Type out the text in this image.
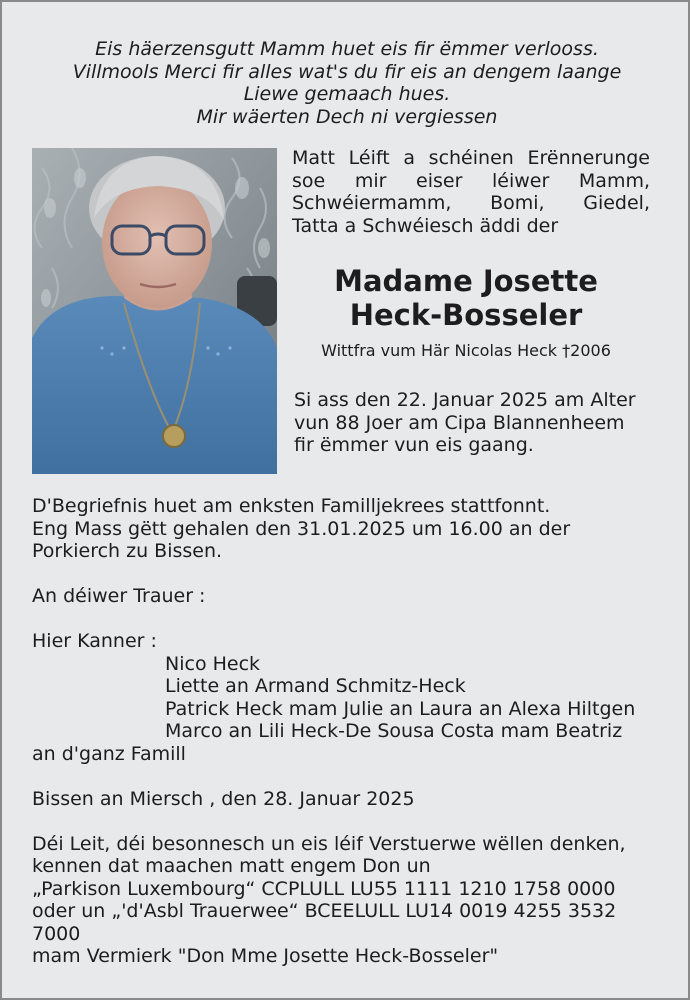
Eis häerzensgutt Mamm huet eis fir ëmmer verlooss.
Villmools Merci fir alles wat's du fir eis an dengem laange
Liewe gemaach hues.
Mir wäerten Dech ni vergiessen
Matt Léift a schéinen Erënnerunge
soe mir eiser léiwer Mamm,
Schwéiermamm, Bomi, Giedel,
Tatta a Schwéiesch äddi der
Madame Josette
Heck-Bosseler
Wittfra vum Här Nicolas Heck †2006
Si ass den 22. Januar 2025 am Alter
vun 88 Joer am Cipa Blannenheem
fir ëmmer vun eis gaang.
D'Begriefnis huet am enksten Familljekrees stattfonnt.
Eng Mass gëtt gehalen den 31.01.2025 um 16.00 an der
Porkierch zu Bissen.
An déiwer Trauer :
Hier Kanner :
Nico Heck
Liette an Armand Schmitz-Heck
Patrick Heck mam Julie an Laura an Alexa Hiltgen
Marco an Lili Heck-De Sousa Costa mam Beatriz
an d'ganz Famill
Bissen an Miersch , den 28. Januar 2025
Déi Leit, déi besonnesch un eis léif Verstuerwe wëllen denken,
kennen dat maachen matt engem Don un
„Parkison Luxembourg“ CCPLULL LU55 1111 1210 1758 0000
oder un „'d'Asbl Trauerwee“ BCEELULL LU14 0019 4255 3532
7000
mam Vermierk "Don Mme Josette Heck-Bosseler"
